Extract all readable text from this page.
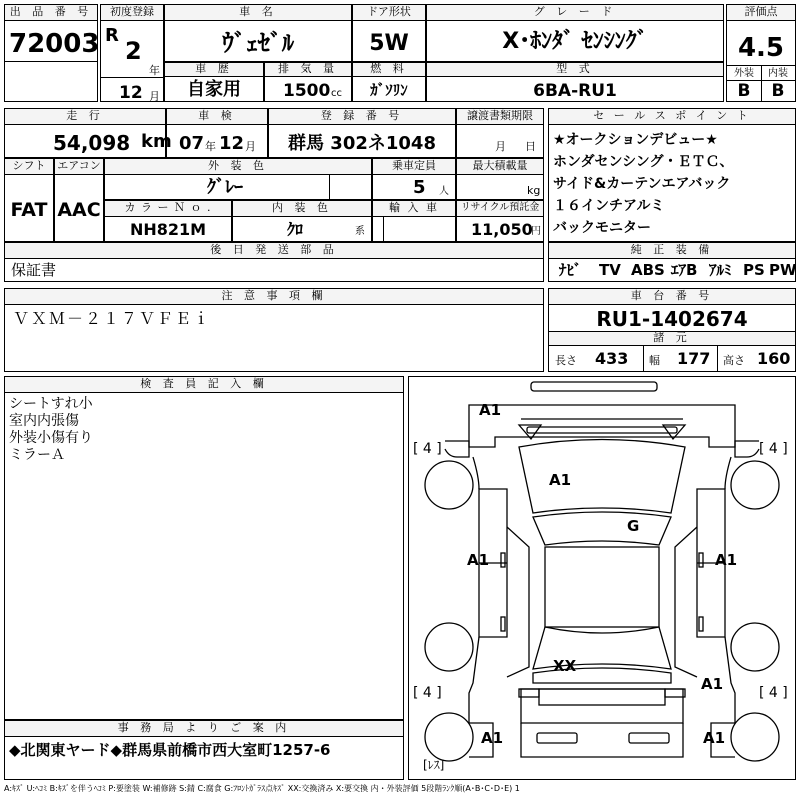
出 品 番 号
72003
初度登録
R
2
年
12 月
車 名
ｳﾞｪｾﾞﾙ
ドア形状
5W
グ レ ー ド
X･ﾎﾝﾀﾞ ｾﾝｼﾝｸﾞ
評価点
4.5
外装	内装
B	B
車 歴
自家用
排 気 量
1500 cc
燃 料
ｶﾞｿﾘﾝ
型 式
6BA-RU1
走 行
54,098 km
車 検
07 年 12 月
登 録 番 号
群馬 302ネ1048
譲渡書類期限
月 日
シフト
FAT
エアコン
AAC
外 装 色
ｸﾞﾚｰ
乗車定員
5 人
最大積載量
kg
カ ラ ー Ｎ ｏ .
NH821M
内 装 色
ｸﾛ	系
輸 入 車	リサイクル預託金
11,050
円
後 日 発 送 部 品
保証書
セ ー ル ス ポ イ ン ト
★オークションデビュー★
ホンダセンシング・ＥＴＣ、
サイド&カーテンエアバック
１６インチアルミ
バックモニター
純 正 装 備
ﾅﾋﾞ TV ABS ｴｱB ｱﾙﾐ PS PW
注 意 事 項 欄
ＶＸＭ－２１７ＶＦＥｉ
車 台 番 号
RU1-1402674
諸 元
長さ 433 幅 177 高さ 160
検 査 員 記 入 欄
シートすれ小
室内内張傷
外装小傷有り
ミラーＡ
事 務 局 よ り ご 案 内
◆北関東ヤード◆群馬県前橋市西大室町1257-6
[ 4 ]	[ 4 ]
[ 4 ]	[ 4 ]
A1
A1
G
A1	A1
XX
A1
A1	A1
[ﾚｽ]
A:ｷｽﾞ U:ﾍｺﾐ B:ｷｽﾞを伴うﾍｺﾐ P:要塗装 W:補修跡 S:錆 C:腐食 G:ﾌﾛﾝﾄｶﾞﾗｽ点ｷｽﾞ XX:交換済み X:要交換 内・外装評価 5段階ﾗﾝｸ順(A･B･C･D･E) 1
